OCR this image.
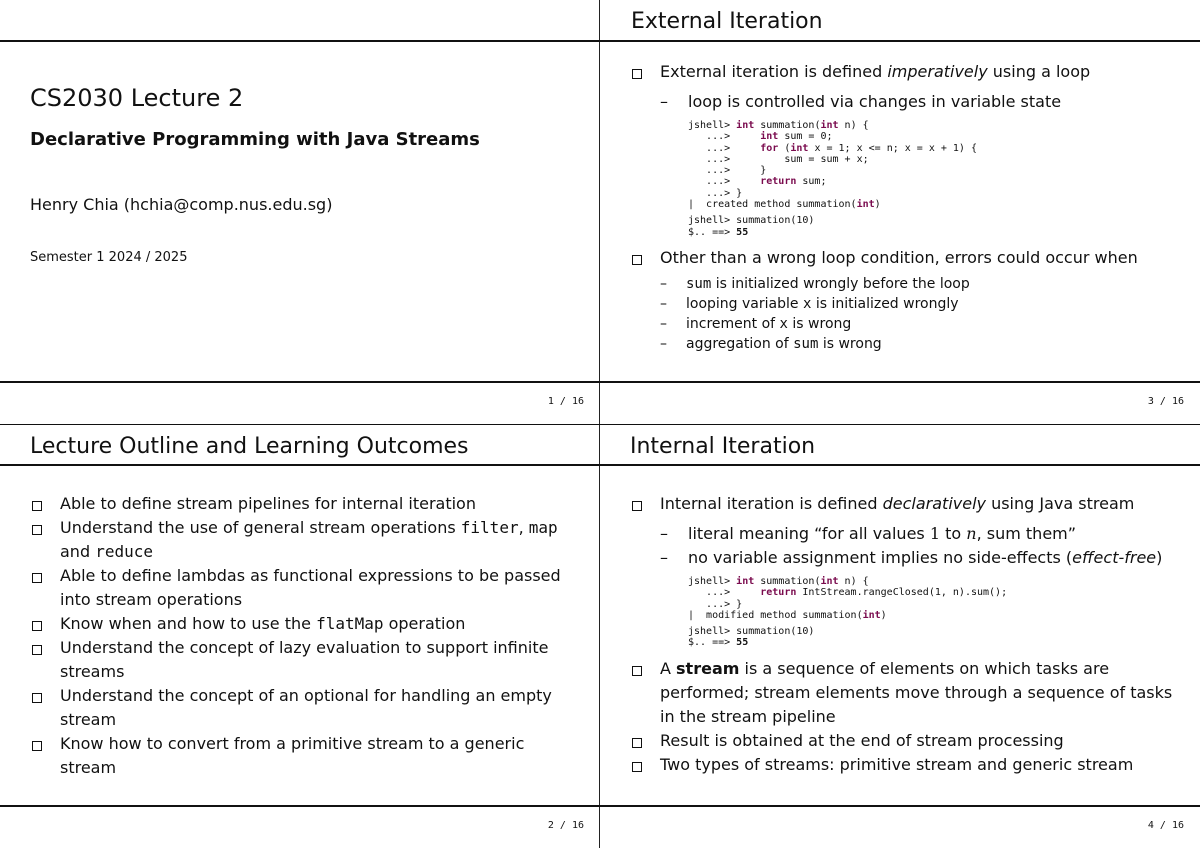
CS2030 Lecture 2
Declarative Programming with Java Streams
Henry Chia (hchia@comp.nus.edu.sg)
Semester 1 2024 / 2025
1 / 16
External Iteration
External iteration is defined imperatively using a loop
– loop is controlled via changes in variable state
jshell> int summation(int n) {
...>     int sum = 0;
...>     for (int x = 1; x <= n; x = x + 1) {
...>         sum = sum + x;
...>     }
...>     return sum;
...> }
|  created method summation(int)

jshell> summation(10)
$.. ==> 55
Other than a wrong loop condition, errors could occur when
– sum is initialized wrongly before the loop
– looping variable x is initialized wrongly
– increment of x is wrong
– aggregation of sum is wrong
3 / 16
Lecture Outline and Learning Outcomes
Able to define stream pipelines for internal iteration
Understand the use of general stream operations filter, map
and reduce
Able to define lambdas as functional expressions to be passed
into stream operations
Know when and how to use the flatMap operation
Understand the concept of lazy evaluation to support infinite
streams
Understand the concept of an optional for handling an empty
stream
Know how to convert from a primitive stream to a generic
stream
2 / 16
Internal Iteration
Internal iteration is defined declaratively using Java stream
– literal meaning “for all values 1 to n, sum them”
– no variable assignment implies no side-effects (effect-free)
jshell> int summation(int n) {
...>     return IntStream.rangeClosed(1, n).sum();
...> }
|  modified method summation(int)

jshell> summation(10)
$.. ==> 55
A stream is a sequence of elements on which tasks are
performed; stream elements move through a sequence of tasks
in the stream pipeline
Result is obtained at the end of stream processing
Two types of streams: primitive stream and generic stream
4 / 16
